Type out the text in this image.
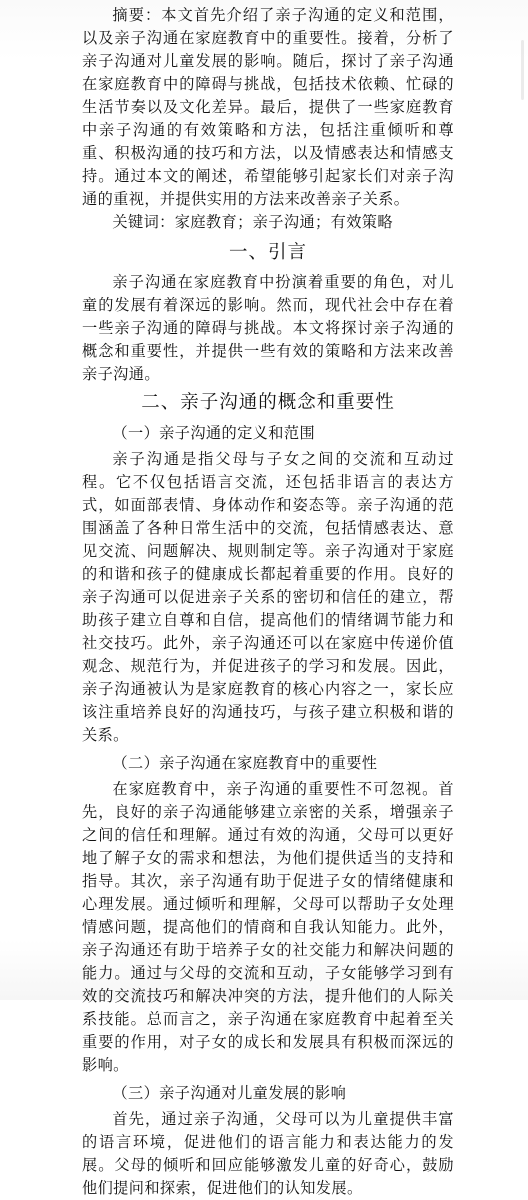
摘要：本文首先介绍了亲子沟通的定义和范围，以及亲子沟通在家庭教育中的重要性。接着，分析了亲子沟通对儿童发展的影响。随后，探讨了亲子沟通在家庭教育中的障碍与挑战，包括技术依赖、忙碌的生活节奏以及文化差异。最后，提供了一些家庭教育中亲子沟通的有效策略和方法，包括注重倾听和尊重、积极沟通的技巧和方法，以及情感表达和情感支持。通过本文的阐述，希望能够引起家长们对亲子沟通的重视，并提供实用的方法来改善亲子关系。

关键词：家庭教育；亲子沟通；有效策略

一、引言

亲子沟通在家庭教育中扮演着重要的角色，对儿童的发展有着深远的影响。然而，现代社会中存在着一些亲子沟通的障碍与挑战。本文将探讨亲子沟通的概念和重要性，并提供一些有效的策略和方法来改善亲子沟通。

二、亲子沟通的概念和重要性
（一）亲子沟通的定义和范围

亲子沟通是指父母与子女之间的交流和互动过程。它不仅包括语言交流，还包括非语言的表达方式，如面部表情、身体动作和姿态等。亲子沟通的范围涵盖了各种日常生活中的交流，包括情感表达、意见交流、问题解决、规则制定等。亲子沟通对于家庭的和谐和孩子的健康成长都起着重要的作用。良好的亲子沟通可以促进亲子关系的密切和信任的建立，帮助孩子建立自尊和自信，提高他们的情绪调节能力和社交技巧。此外，亲子沟通还可以在家庭中传递价值观念、规范行为，并促进孩子的学习和发展。因此，亲子沟通被认为是家庭教育的核心内容之一，家长应该注重培养良好的沟通技巧，与孩子建立积极和谐的关系。

（二）亲子沟通在家庭教育中的重要性

在家庭教育中，亲子沟通的重要性不可忽视。首先，良好的亲子沟通能够建立亲密的关系，增强亲子之间的信任和理解。通过有效的沟通，父母可以更好地了解子女的需求和想法，为他们提供适当的支持和指导。其次，亲子沟通有助于促进子女的情绪健康和心理发展。通过倾听和理解，父母可以帮助子女处理情感问题，提高他们的情商和自我认知能力。此外，亲子沟通还有助于培养子女的社交能力和解决问题的能力。通过与父母的交流和互动，子女能够学习到有效的交流技巧和解决冲突的方法，提升他们的人际关系技能。总而言之，亲子沟通在家庭教育中起着至关重要的作用，对子女的成长和发展具有积极而深远的影响。

（三）亲子沟通对儿童发展的影响

首先，通过亲子沟通，父母可以为儿童提供丰富的语言环境，促进他们的语言能力和表达能力的发展。父母的倾听和回应能够激发儿童的好奇心，鼓励他们提问和探索，促进他们的认知发展。
